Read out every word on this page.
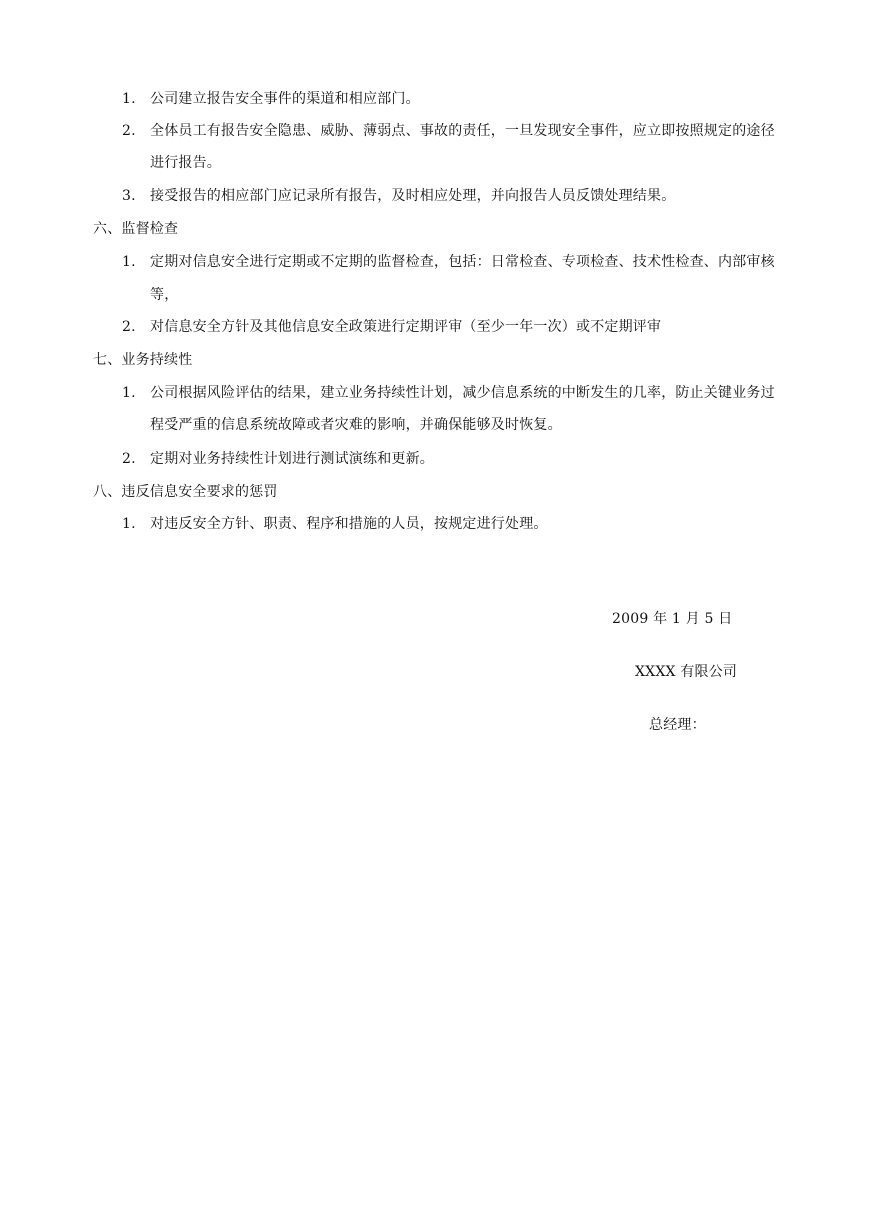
1. 公司建立报告安全事件的渠道和相应部门。
2. 全体员工有报告安全隐患、威胁、薄弱点、事故的责任，一旦发现安全事件，应立即按照规定的途径
进行报告。
3. 接受报告的相应部门应记录所有报告，及时相应处理，并向报告人员反馈处理结果。
六、监督检查
1. 定期对信息安全进行定期或不定期的监督检查，包括：日常检查、专项检查、技术性检查、内部审核
等，
2. 对信息安全方针及其他信息安全政策进行定期评审（至少一年一次）或不定期评审
七、业务持续性
1. 公司根据风险评估的结果，建立业务持续性计划，减少信息系统的中断发生的几率，防止关键业务过
程受严重的信息系统故障或者灾难的影响，并确保能够及时恢复。
2. 定期对业务持续性计划进行测试演练和更新。
八、违反信息安全要求的惩罚
1. 对违反安全方针、职责、程序和措施的人员，按规定进行处理。
2009 年 1 月 5 日
XXXX 有限公司
总经理：
